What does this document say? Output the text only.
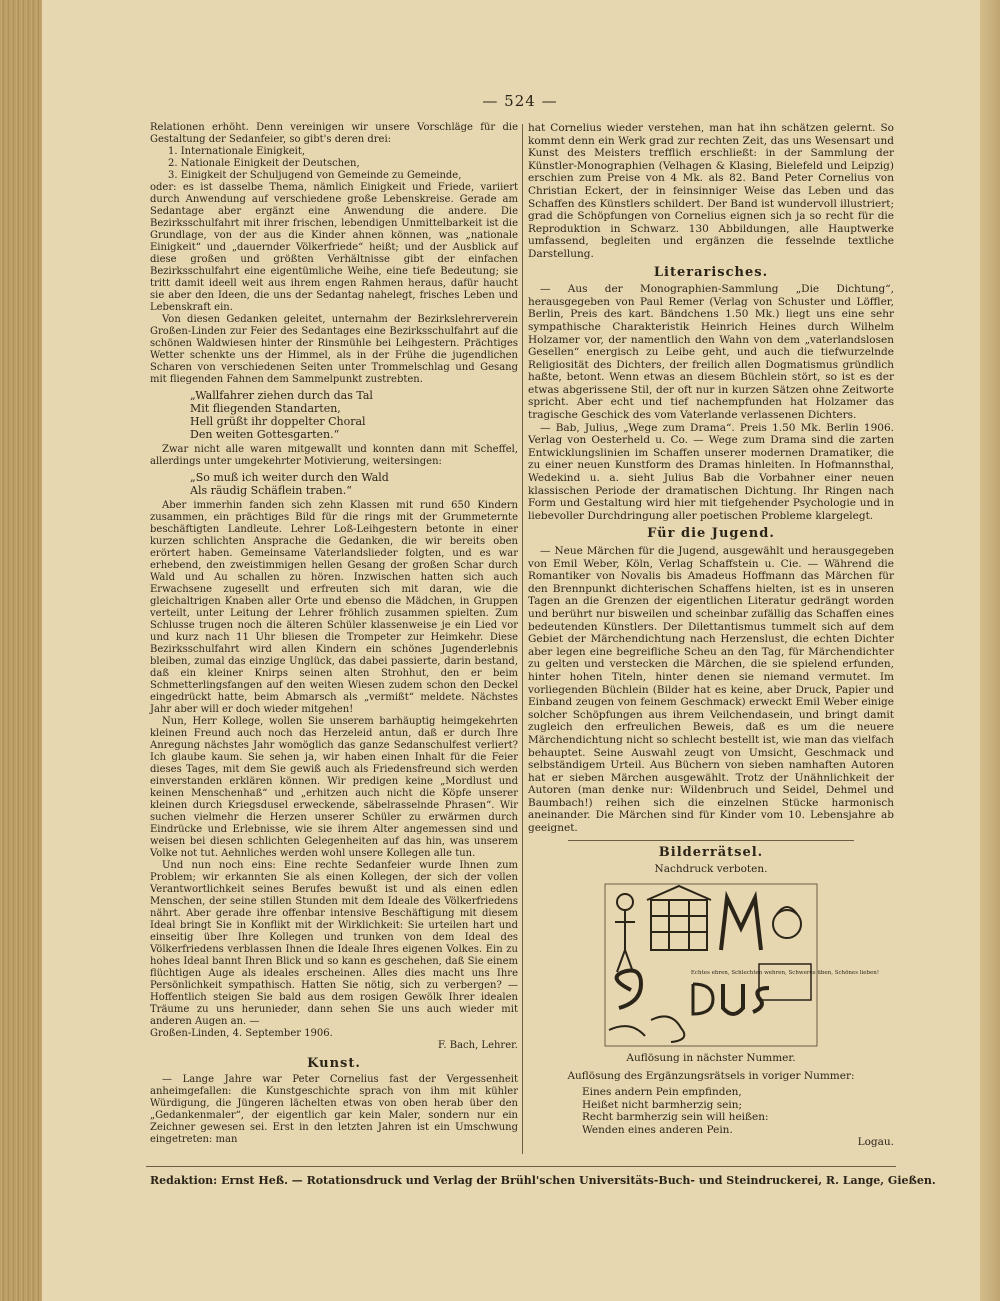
— 524 —

Relationen erhöht. Denn vereinigen wir unsere Vorschläge für die Gestaltung der Sedanfeier, so gibt's deren drei:

1. Internationale Einigkeit,
2. Nationale Einigkeit der Deutschen,
3. Einigkeit der Schuljugend von Gemeinde zu Gemeinde,

oder: es ist dasselbe Thema, nämlich Einigkeit und Friede, variiert durch Anwendung auf verschiedene große Lebenskreise. Gerade am Sedantage aber ergänzt eine Anwendung die andere. Die Bezirksschulfahrt mit ihrer frischen, lebendigen Unmittelbarkeit ist die Grundlage, von der aus die Kinder ahnen können, was „nationale Einigkeit“ und „dauernder Völkerfriede“ heißt; und der Ausblick auf diese großen und größten Verhältnisse gibt der einfachen Bezirksschulfahrt eine eigentümliche Weihe, eine tiefe Bedeutung; sie tritt damit ideell weit aus ihrem engen Rahmen heraus, dafür haucht sie aber den Ideen, die uns der Sedantag nahelegt, frisches Leben und Lebenskraft ein.

Von diesen Gedanken geleitet, unternahm der Bezirkslehrerverein Großen-Linden zur Feier des Sedantages eine Bezirksschulfahrt auf die schönen Waldwiesen hinter der Rinsmühle bei Leihgestern. Prächtiges Wetter schenkte uns der Himmel, als in der Frühe die jugendlichen Scharen von verschiedenen Seiten unter Trommelschlag und Gesang mit fliegenden Fahnen dem Sammelpunkt zustrebten.

„Wallfahrer ziehen durch das Tal
Mit fliegenden Standarten,
Hell grüßt ihr doppelter Choral
Den weiten Gottesgarten.“

Zwar nicht alle waren mitgewallt und konnten dann mit Scheffel, allerdings unter umgekehrter Motivierung, weitersingen:

„So muß ich weiter durch den Wald
Als räudig Schäflein traben.“

Aber immerhin fanden sich zehn Klassen mit rund 650 Kindern zusammen, ein prächtiges Bild für die rings mit der Grummeternte beschäftigten Landleute. Lehrer Loß-Leihgestern betonte in einer kurzen schlichten Ansprache die Gedanken, die wir bereits oben erörtert haben. Gemeinsame Vaterlandslieder folgten, und es war erhebend, den zweistimmigen hellen Gesang der großen Schar durch Wald und Au schallen zu hören. Inzwischen hatten sich auch Erwachsene zugesellt und erfreuten sich mit daran, wie die gleichaltrigen Knaben aller Orte und ebenso die Mädchen, in Gruppen verteilt, unter Leitung der Lehrer fröhlich zusammen spielten. Zum Schlusse trugen noch die älteren Schüler klassenweise je ein Lied vor und kurz nach 11 Uhr bliesen die Trompeter zur Heimkehr. Diese Bezirksschulfahrt wird allen Kindern ein schönes Jugenderlebnis bleiben, zumal das einzige Unglück, das dabei passierte, darin bestand, daß ein kleiner Knirps seinen alten Strohhut, den er beim Schmetterlingsfangen auf den weiten Wiesen zudem schon den Deckel eingedrückt hatte, beim Abmarsch als „vermißt“ meldete. Nächstes Jahr aber will er doch wieder mitgehen!

Nun, Herr Kollege, wollen Sie unserem barhäuptig heimgekehrten kleinen Freund auch noch das Herzeleid antun, daß er durch Ihre Anregung nächstes Jahr womöglich das ganze Sedanschulfest verliert? Ich glaube kaum. Sie sehen ja, wir haben einen Inhalt für die Feier dieses Tages, mit dem Sie gewiß auch als Friedensfreund sich werden einverstanden erklären können. Wir predigen keine „Mordlust und keinen Menschenhaß“ und „erhitzen auch nicht die Köpfe unserer kleinen durch Kriegsdusel erweckende, säbelrasselnde Phrasen“. Wir suchen vielmehr die Herzen unserer Schüler zu erwärmen durch Eindrücke und Erlebnisse, wie sie ihrem Alter angemessen sind und weisen bei diesen schlichten Gelegenheiten auf das hin, was unserem Volke not tut. Aehnliches werden wohl unsere Kollegen alle tun.

Und nun noch eins: Eine rechte Sedanfeier wurde Ihnen zum Problem; wir erkannten Sie als einen Kollegen, der sich der vollen Verantwortlichkeit seines Berufes bewußt ist und als einen edlen Menschen, der seine stillen Stunden mit dem Ideale des Völkerfriedens nährt. Aber gerade ihre offenbar intensive Beschäftigung mit diesem Ideal bringt Sie in Konflikt mit der Wirklichkeit: Sie urteilen hart und einseitig über Ihre Kollegen und trunken von dem Ideal des Völkerfriedens verblassen Ihnen die Ideale Ihres eigenen Volkes. Ein zu hohes Ideal bannt Ihren Blick und so kann es geschehen, daß Sie einem flüchtigen Auge als ideales erscheinen. Alles dies macht uns Ihre Persönlichkeit sympathisch. Hatten Sie nötig, sich zu verbergen? — Hoffentlich steigen Sie bald aus dem rosigen Gewölk Ihrer idealen Träume zu uns herunieder, dann sehen Sie uns auch wieder mit anderen Augen an. —

Großen-Linden, 4. September 1906.
F. Bach, Lehrer.
Kunst.

— Lange Jahre war Peter Cornelius fast der Vergessenheit anheimgefallen: die Kunstgeschichte sprach von ihm mit kühler Würdigung, die Jüngeren lächelten etwas von oben herab über den „Gedankenmaler“, der eigentlich gar kein Maler, sondern nur ein Zeichner gewesen sei. Erst in den letzten Jahren ist ein Umschwung eingetreten: man

hat Cornelius wieder verstehen, man hat ihn schätzen gelernt. So kommt denn ein Werk grad zur rechten Zeit, das uns Wesensart und Kunst des Meisters trefflich erschließt: in der Sammlung der Künstler-Monographien (Velhagen & Klasing, Bielefeld und Leipzig) erschien zum Preise von 4 Mk. als 82. Band Peter Cornelius von Christian Eckert, der in feinsinniger Weise das Leben und das Schaffen des Künstlers schildert. Der Band ist wundervoll illustriert; grad die Schöpfungen von Cornelius eignen sich ja so recht für die Reproduktion in Schwarz. 130 Abbildungen, alle Hauptwerke umfassend, begleiten und ergänzen die fesselnde textliche Darstellung.

Literarisches.

— Aus der Monographien-Sammlung „Die Dichtung“, herausgegeben von Paul Remer (Verlag von Schuster und Löffler, Berlin, Preis des kart. Bändchens 1.50 Mk.) liegt uns eine sehr sympathische Charakteristik Heinrich Heines durch Wilhelm Holzamer vor, der namentlich den Wahn von dem „vaterlandslosen Gesellen“ energisch zu Leibe geht, und auch die tiefwurzelnde Religiosität des Dichters, der freilich allen Dogmatismus gründlich haßte, betont. Wenn etwas an diesem Büchlein stört, so ist es der etwas abgerissene Stil, der oft nur in kurzen Sätzen ohne Zeitworte spricht. Aber echt und tief nachempfunden hat Holzamer das tragische Geschick des vom Vaterlande verlassenen Dichters.

— Bab, Julius, „Wege zum Drama“. Preis 1.50 Mk. Berlin 1906. Verlag von Oesterheld u. Co. — Wege zum Drama sind die zarten Entwicklungslinien im Schaffen unserer modernen Dramatiker, die zu einer neuen Kunstform des Dramas hinleiten. In Hofmannsthal, Wedekind u. a. sieht Julius Bab die Vorbahner einer neuen klassischen Periode der dramatischen Dichtung. Ihr Ringen nach Form und Gestaltung wird hier mit tiefgehender Psychologie und in liebevoller Durchdringung aller poetischen Probleme klargelegt.

Für die Jugend.

— Neue Märchen für die Jugend, ausgewählt und herausgegeben von Emil Weber, Köln, Verlag Schaffstein u. Cie. — Während die Romantiker von Novalis bis Amadeus Hoffmann das Märchen für den Brennpunkt dichterischen Schaffens hielten, ist es in unseren Tagen an die Grenzen der eigentlichen Literatur gedrängt worden und berührt nur bisweilen und scheinbar zufällig das Schaffen eines bedeutenden Künstlers. Der Dilettantismus tummelt sich auf dem Gebiet der Märchendichtung nach Herzenslust, die echten Dichter aber legen eine begreifliche Scheu an den Tag, für Märchendichter zu gelten und verstecken die Märchen, die sie spielend erfunden, hinter hohen Titeln, hinter denen sie niemand vermutet. Im vorliegenden Büchlein (Bilder hat es keine, aber Druck, Papier und Einband zeugen von feinem Geschmack) erweckt Emil Weber einige solcher Schöpfungen aus ihrem Veilchendasein, und bringt damit zugleich den erfreulichen Beweis, daß es um die neuere Märchendichtung nicht so schlecht bestellt ist, wie man das vielfach behauptet. Seine Auswahl zeugt von Umsicht, Geschmack und selbständigem Urteil. Aus Büchern von sieben namhaften Autoren hat er sieben Märchen ausgewählt. Trotz der Unähnlichkeit der Autoren (man denke nur: Wildenbruch und Seidel, Dehmel und Baumbach!) reihen sich die einzelnen Stücke harmonisch aneinander. Die Märchen sind für Kinder vom 10. Lebensjahre ab geeignet.

Bilderrätsel.
Nachdruck verboten.
Echtes ehren, Schlechten wehren, Schweres üben, Schönes lieben!
Auflösung in nächster Nummer.
Auflösung des Ergänzungsrätsels in voriger Nummer:
Eines andern Pein empfinden,
Heißet nicht barmherzig sein;
Recht barmherzig sein will heißen:
Wenden eines anderen Pein.
Logau.
Redaktion: Ernst Heß. — Rotationsdruck und Verlag der Brühl'schen Universitäts-Buch- und Steindruckerei, R. Lange, Gießen.
